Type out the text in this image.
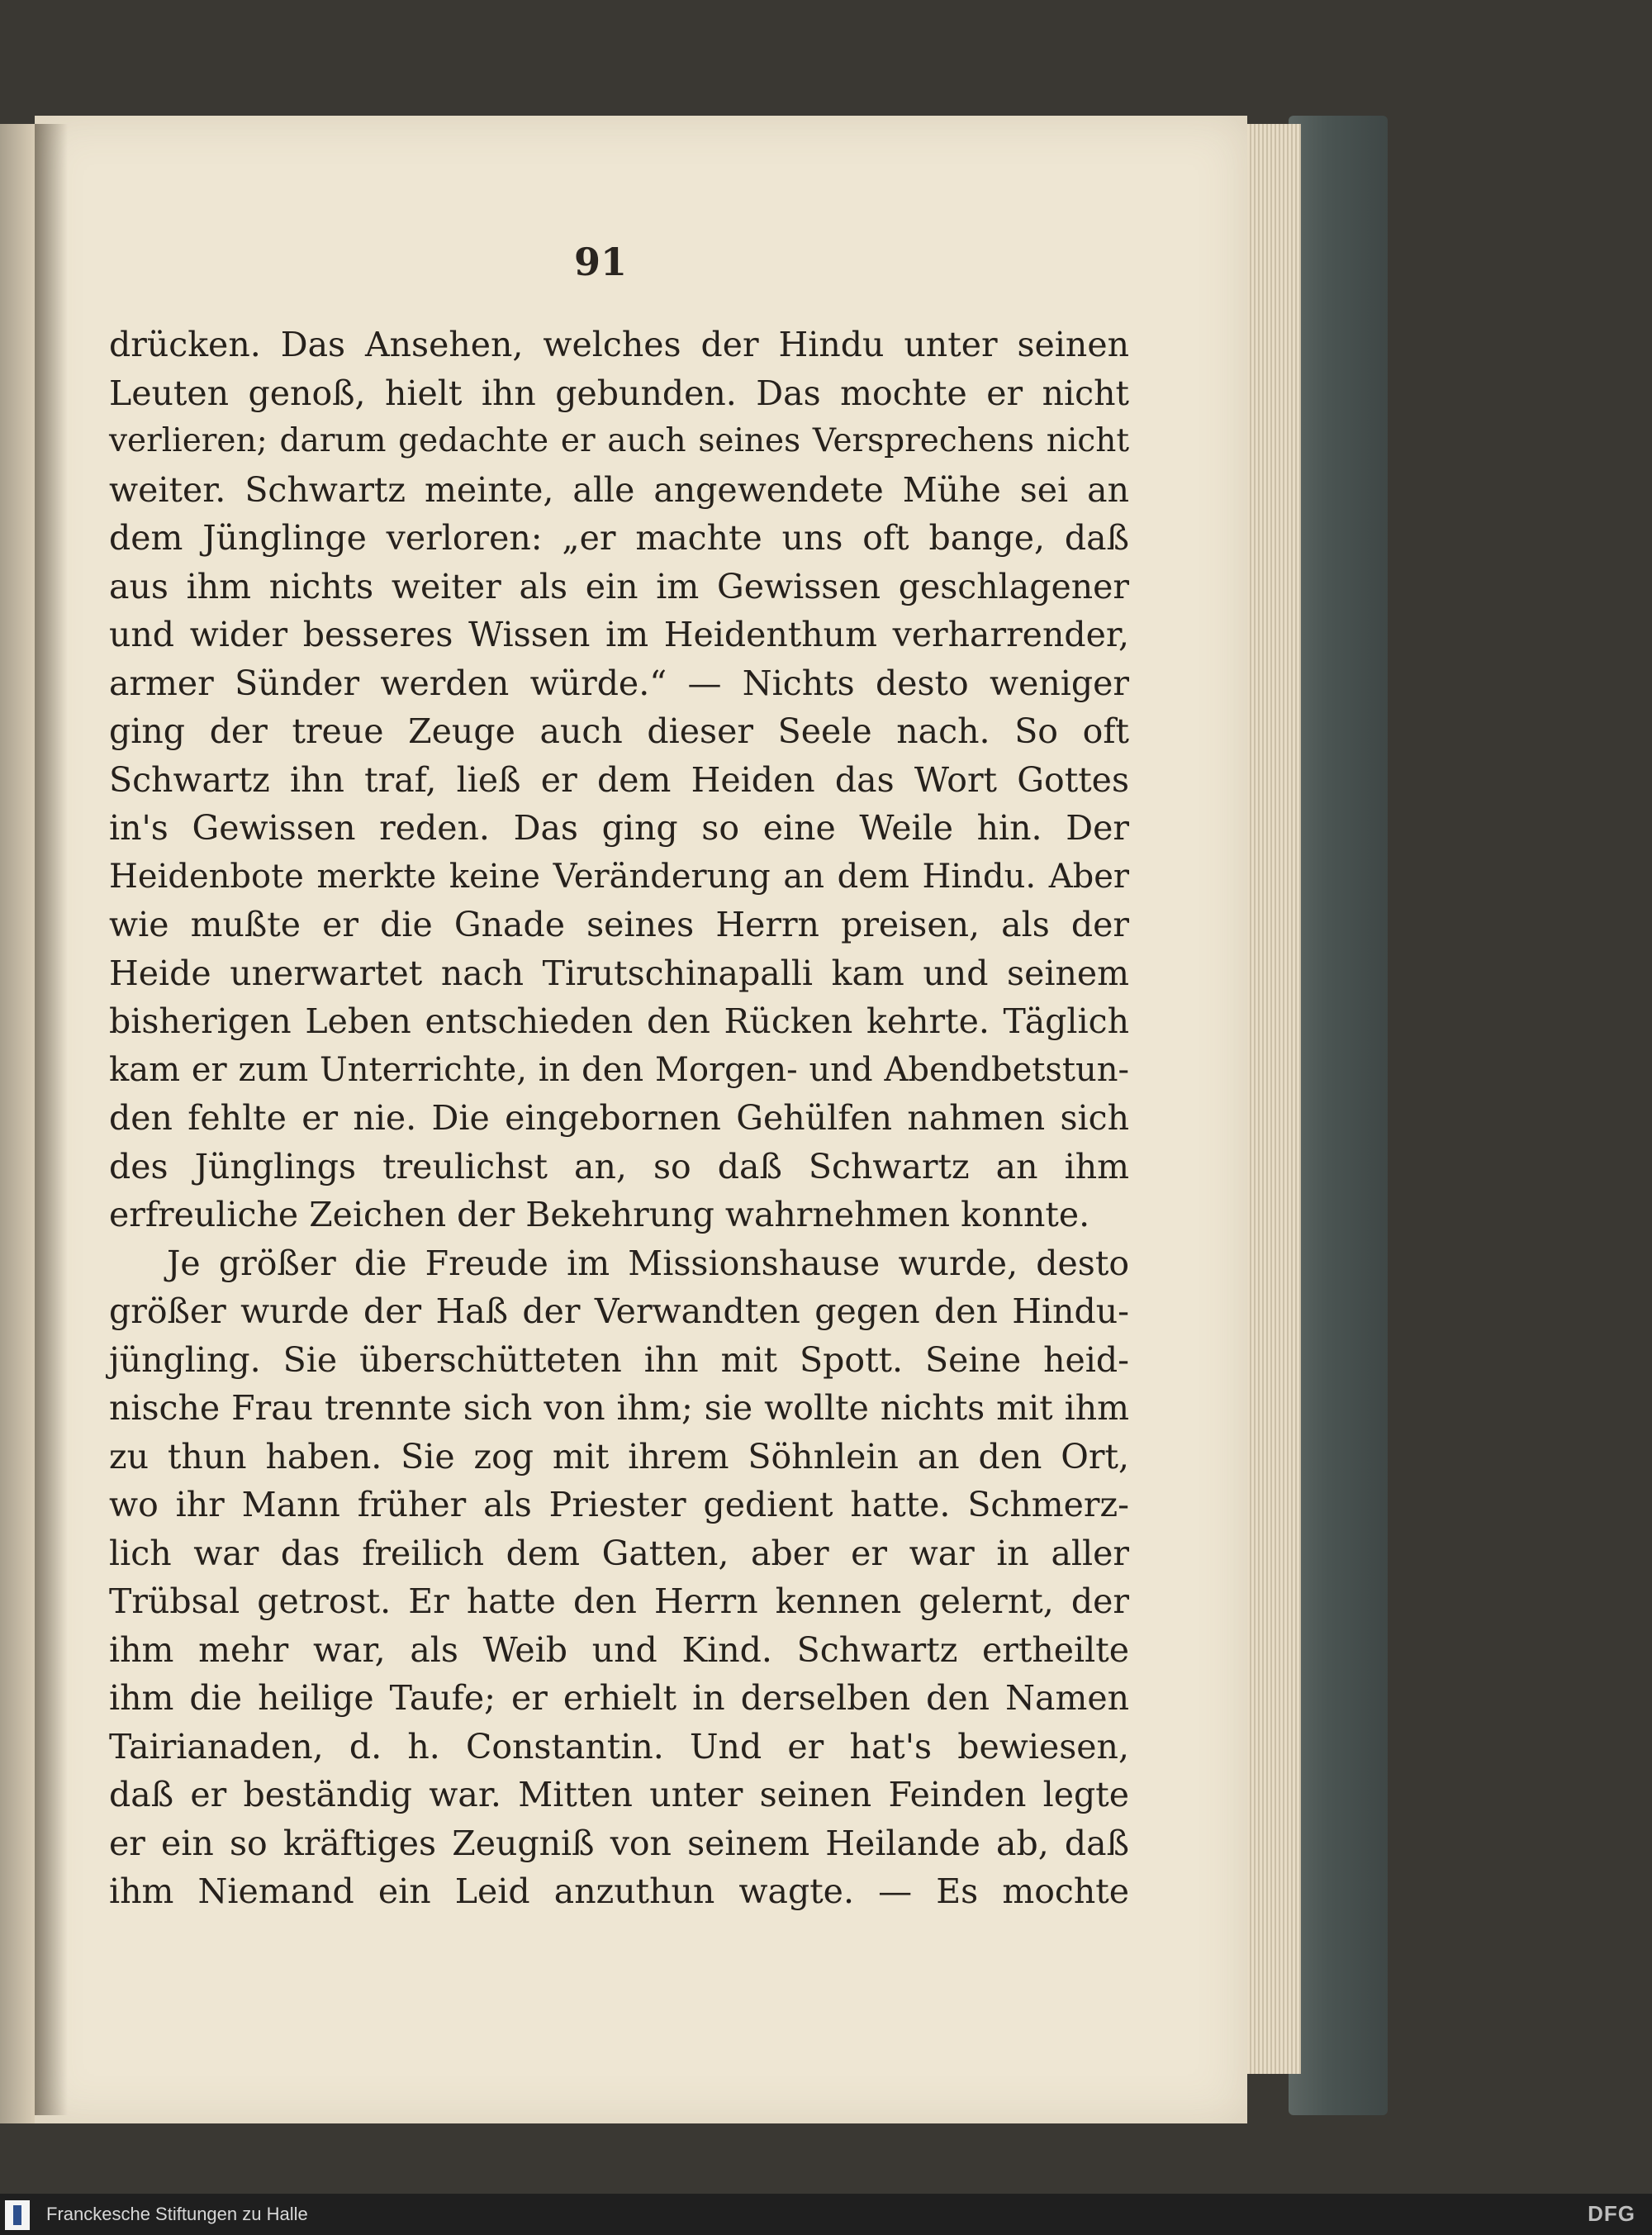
91
drücken. Das Ansehen, welches der Hindu unter seinen
Leuten genoß, hielt ihn gebunden. Das mochte er nicht
verlieren; darum gedachte er auch seines Versprechens nicht
weiter. Schwartz meinte, alle angewendete Mühe sei an
dem Jünglinge verloren: „er machte uns oft bange, daß
aus ihm nichts weiter als ein im Gewissen geschlagener
und wider besseres Wissen im Heidenthum verharrender,
armer Sünder werden würde.“ — Nichts desto weniger
ging der treue Zeuge auch dieser Seele nach. So oft
Schwartz ihn traf, ließ er dem Heiden das Wort Gottes
in's Gewissen reden. Das ging so eine Weile hin. Der
Heidenbote merkte keine Veränderung an dem Hindu. Aber
wie mußte er die Gnade seines Herrn preisen, als der
Heide unerwartet nach Tirutschinapalli kam und seinem
bisherigen Leben entschieden den Rücken kehrte. Täglich
kam er zum Unterrichte, in den Morgen- und Abendbetstun-
den fehlte er nie. Die eingebornen Gehülfen nahmen sich
des Jünglings treulichst an, so daß Schwartz an ihm
erfreuliche Zeichen der Bekehrung wahrnehmen konnte.
Je größer die Freude im Missionshause wurde, desto
größer wurde der Haß der Verwandten gegen den Hindu-
jüngling. Sie überschütteten ihn mit Spott. Seine heid-
nische Frau trennte sich von ihm; sie wollte nichts mit ihm
zu thun haben. Sie zog mit ihrem Söhnlein an den Ort,
wo ihr Mann früher als Priester gedient hatte. Schmerz-
lich war das freilich dem Gatten, aber er war in aller
Trübsal getrost. Er hatte den Herrn kennen gelernt, der
ihm mehr war, als Weib und Kind. Schwartz ertheilte
ihm die heilige Taufe; er erhielt in derselben den Namen
Tairianaden, d. h. Constantin. Und er hat's bewiesen,
daß er beständig war. Mitten unter seinen Feinden legte
er ein so kräftiges Zeugniß von seinem Heilande ab, daß
ihm Niemand ein Leid anzuthun wagte. — Es mochte
Franckesche Stiftungen zu Halle	DFG
